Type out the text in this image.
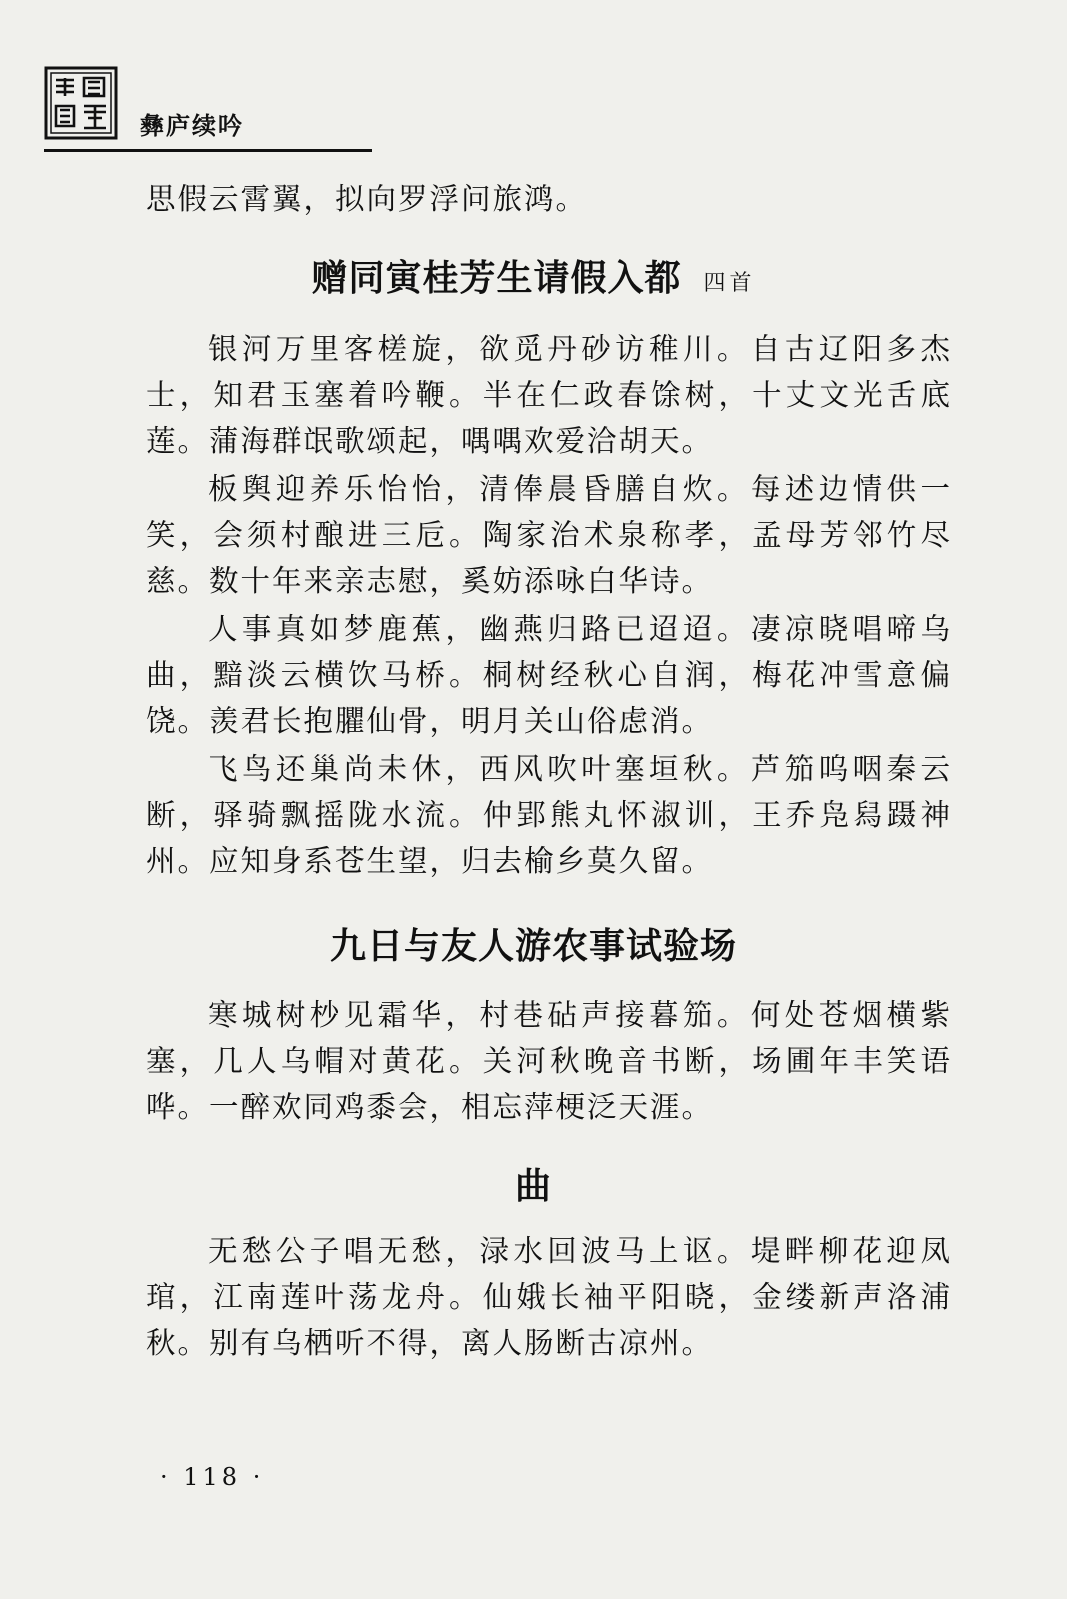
彝庐续吟

思假云霄翼，拟向罗浮问旅鸿。

赠同寅桂芳生请假入都 四首

银河万里客槎旋，欲觅丹砂访稚川。自古辽阳多杰士，知君玉塞着吟鞭。半在仁政春馀树，十丈文光舌底莲。蒲海群氓歌颂起，喁喁欢爱洽胡天。

板舆迎养乐怡怡，清俸晨昏膳自炊。每述边情供一笑，会须村酿进三卮。陶家治术泉称孝，孟母芳邻竹尽慈。数十年来亲志慰，奚妨添咏白华诗。

人事真如梦鹿蕉，幽燕归路已迢迢。凄凉晓唱啼乌曲，黯淡云横饮马桥。桐树经秋心自润，梅花冲雪意偏饶。羡君长抱臞仙骨，明月关山俗虑消。

飞鸟还巢尚未休，西风吹叶塞垣秋。芦笳呜咽秦云断，驿骑飘摇陇水流。仲郢熊丸怀淑训，王乔凫舄蹑神州。应知身系苍生望，归去榆乡莫久留。

九日与友人游农事试验场

寒城树杪见霜华，村巷砧声接暮笳。何处苍烟横紫塞，几人乌帽对黄花。关河秋晚音书断，场圃年丰笑语哗。一醉欢同鸡黍会，相忘萍梗泛天涯。

曲

无愁公子唱无愁，渌水回波马上讴。堤畔柳花迎凤琯，江南莲叶荡龙舟。仙娥长袖平阳晓，金缕新声洛浦秋。别有乌栖听不得，离人肠断古凉州。

· 118 ·
